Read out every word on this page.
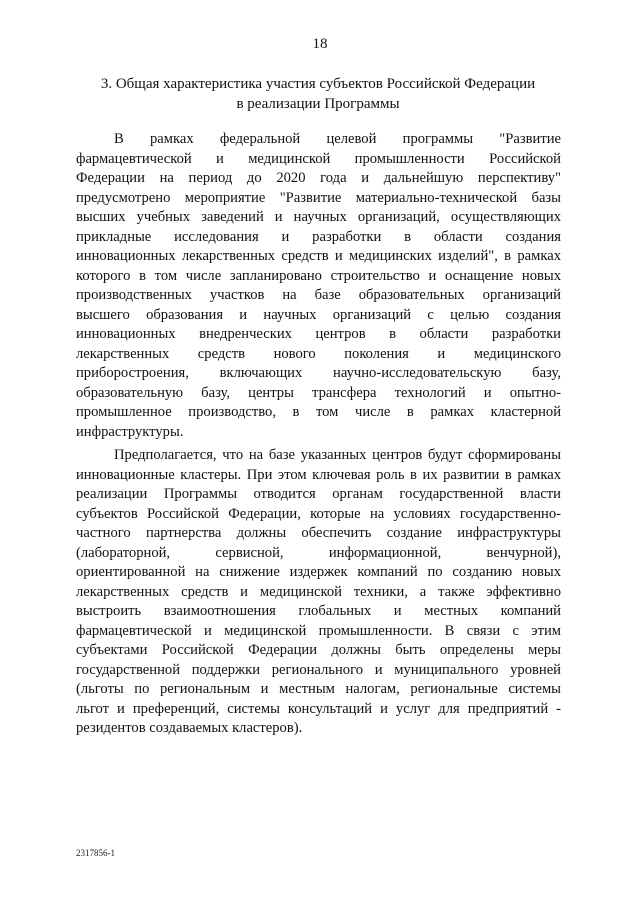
18
3. Общая характеристика участия субъектов Российской Федерации
в реализации Программы
В рамках федеральной целевой программы "Развитие
фармацевтической и медицинской промышленности Российской
Федерации на период до 2020 года и дальнейшую перспективу"
предусмотрено мероприятие "Развитие материально-технической базы
высших учебных заведений и научных организаций, осуществляющих
прикладные исследования и разработки в области создания
инновационных лекарственных средств и медицинских изделий", в рамках
которого в том числе запланировано строительство и оснащение новых
производственных участков на базе образовательных организаций
высшего образования и научных организаций с целью создания
инновационных внедренческих центров в области разработки
лекарственных средств нового поколения и медицинского
приборостроения, включающих научно-исследовательскую базу,
образовательную базу, центры трансфера технологий и опытно-
промышленное производство, в том числе в рамках кластерной
инфраструктуры.
Предполагается, что на базе указанных центров будут сформированы
инновационные кластеры. При этом ключевая роль в их развитии в рамках
реализации Программы отводится органам государственной власти
субъектов Российской Федерации, которые на условиях государственно-
частного партнерства должны обеспечить создание инфраструктуры
(лабораторной, сервисной, информационной, венчурной),
ориентированной на снижение издержек компаний по созданию новых
лекарственных средств и медицинской техники, а также эффективно
выстроить взаимоотношения глобальных и местных компаний
фармацевтической и медицинской промышленности. В связи с этим
субъектами Российской Федерации должны быть определены меры
государственной поддержки регионального и муниципального уровней
(льготы по региональным и местным налогам, региональные системы
льгот и преференций, системы консультаций и услуг для предприятий -
резидентов создаваемых кластеров).
2317856-1
